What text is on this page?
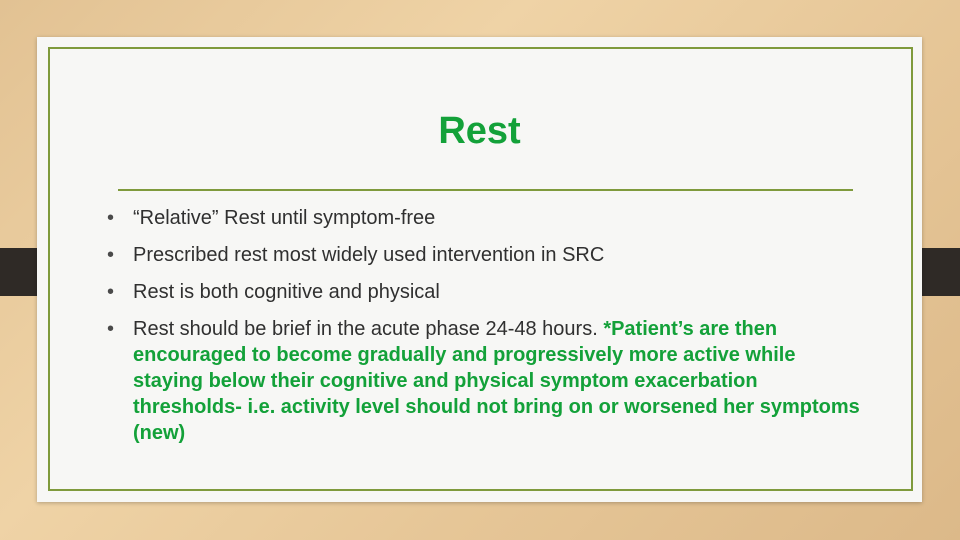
Rest
• “Relative” Rest until symptom-free
• Prescribed rest most widely used intervention in SRC
• Rest is both cognitive and physical
• Rest should be brief in the acute phase 24-48 hours. *Patient’s are then encouraged to become gradually and progressively more active while staying below their cognitive and physical symptom exacerbation thresholds- i.e. activity level should not bring on or worsened her symptoms (new)
